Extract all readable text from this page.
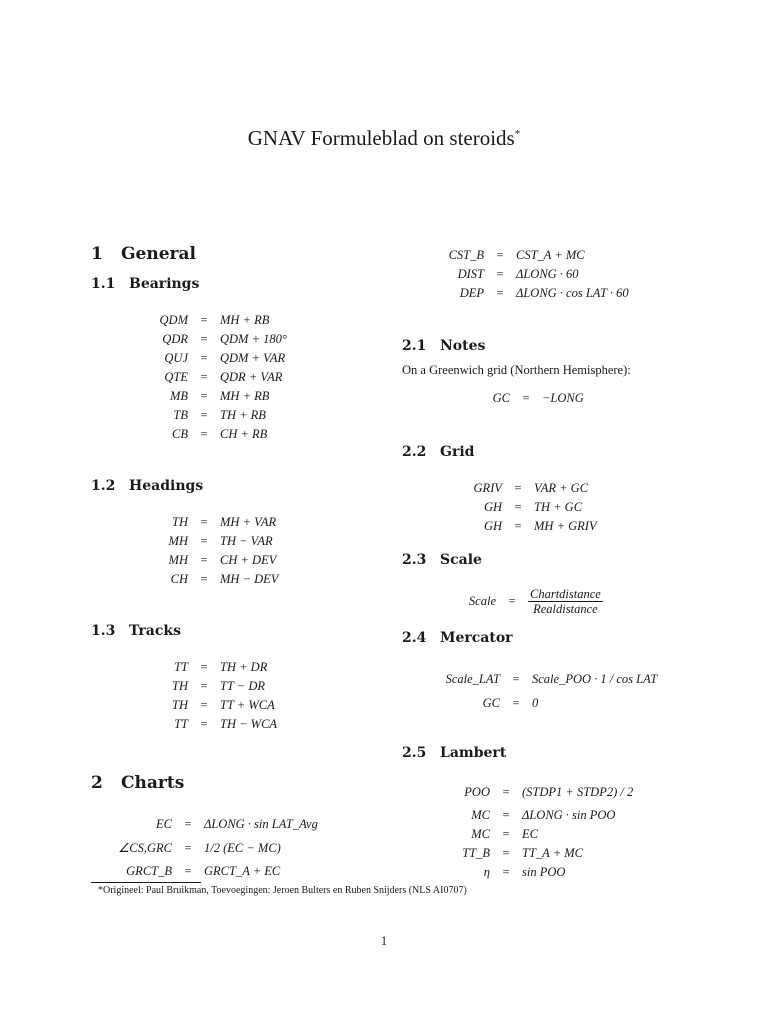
GNAV Formuleblad on steroids*
1 General
1.1 Bearings
QDM	=	MH + RB
QDR	=	QDM + 180°
QUJ	=	QDM + VAR
QTE	=	QDR + VAR
MB	=	MH + RB
TB	=	TH + RB
CB	=	CH + RB
1.2 Headings
TH	=	MH + VAR
MH	=	TH − VAR
MH	=	CH + DEV
CH	=	MH − DEV
1.3 Tracks
TT	=	TH + DR
TH	=	TT − DR
TH	=	TT + WCA
TT	=	TH − WCA
2 Charts
EC	=	ΔLONG · sin LAT_Avg
∠CS,GRC	=	1/2 (EC − MC)
GRCT_B	=	GRCT_A + EC
CST_B	=	CST_A + MC
DIST	=	ΔLONG · 60
DEP	=	ΔLONG · cos LAT · 60
2.1 Notes
On a Greenwich grid (Northern Hemisphere):
GC	=	−LONG
2.2 Grid
GRIV	=	VAR + GC
GH	=	TH + GC
GH	=	MH + GRIV
2.3 Scale
Scale	=	$\frac{\text{Chartdistance}}{\text{Realdistance}}$
2.4 Mercator
Scale_LAT	=	Scale_POO · 1 / cos LAT
GC	=	0
2.5 Lambert
POO	=	(STDP1 + STDP2) / 2
MC	=	ΔLONG · sin POO
MC	=	EC
TT_B	=	TT_A + MC
η	=	sin POO
*Origineel: Paul Bruikman, Toevoegingen: Jeroen Bulters en Ruben Snijders (NLS AI0707)
1
